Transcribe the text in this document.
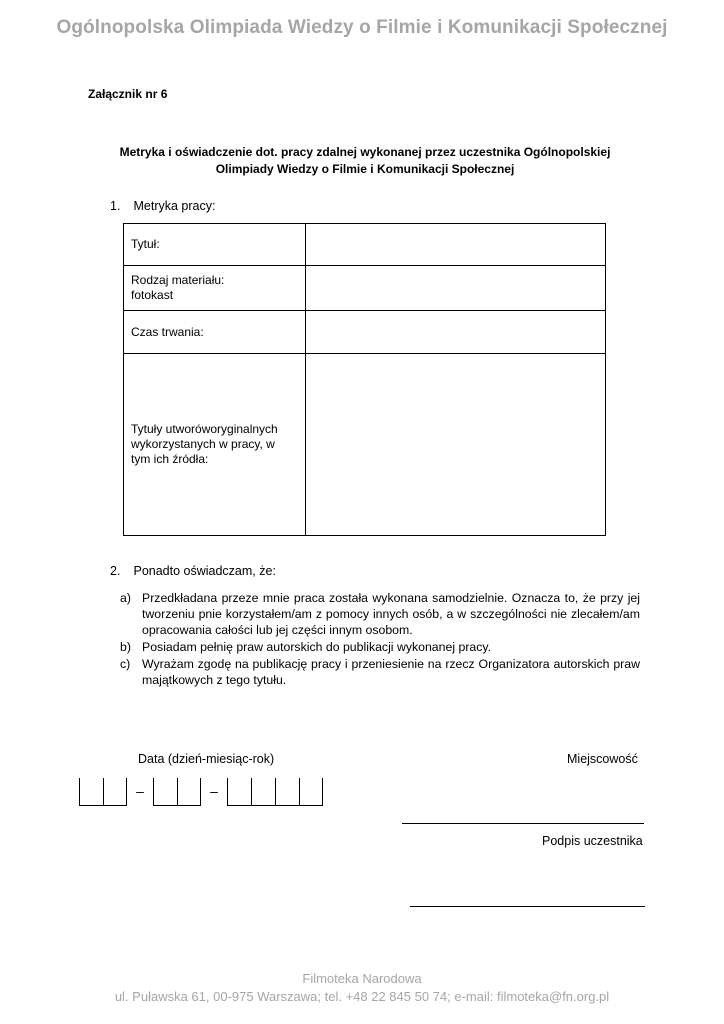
Ogólnopolska Olimpiada Wiedzy o Filmie i Komunikacji Społecznej
Załącznik nr 6
Metryka i oświadczenie dot. pracy zdalnej wykonanej przez uczestnika Ogólnopolskiej
Olimpiady Wiedzy o Filmie i Komunikacji Społecznej
1. Metryka pracy:
Tytuł:	

Rodzaj materiału:
fotokast	

Czas trwania:	

Tytuły utworóworyginalnych
wykorzystanych w pracy, w
tym ich źródła:	

2. Ponadto oświadczam, że:
a) Przedkładana przeze mnie praca została wykonana samodzielnie. Oznacza to, że przy jej tworzeniu pnie korzystałem/am z pomocy innych osób, a w szczególności nie zlecałem/am opracowania całości lub jej części innym osobom.
b) Posiadam pełnię praw autorskich do publikacji wykonanej pracy.
c) Wyrażam zgodę na publikację pracy i przeniesienie na rzecz Organizatora autorskich praw majątkowych z tego tytułu.
Data (dzień-miesiąc-rok)	Miejscowość
–	–
Podpis uczestnika
Filmoteka Narodowa
ul. Puławska 61, 00-975 Warszawa; tel. +48 22 845 50 74; e-mail: filmoteka@fn.org.pl
